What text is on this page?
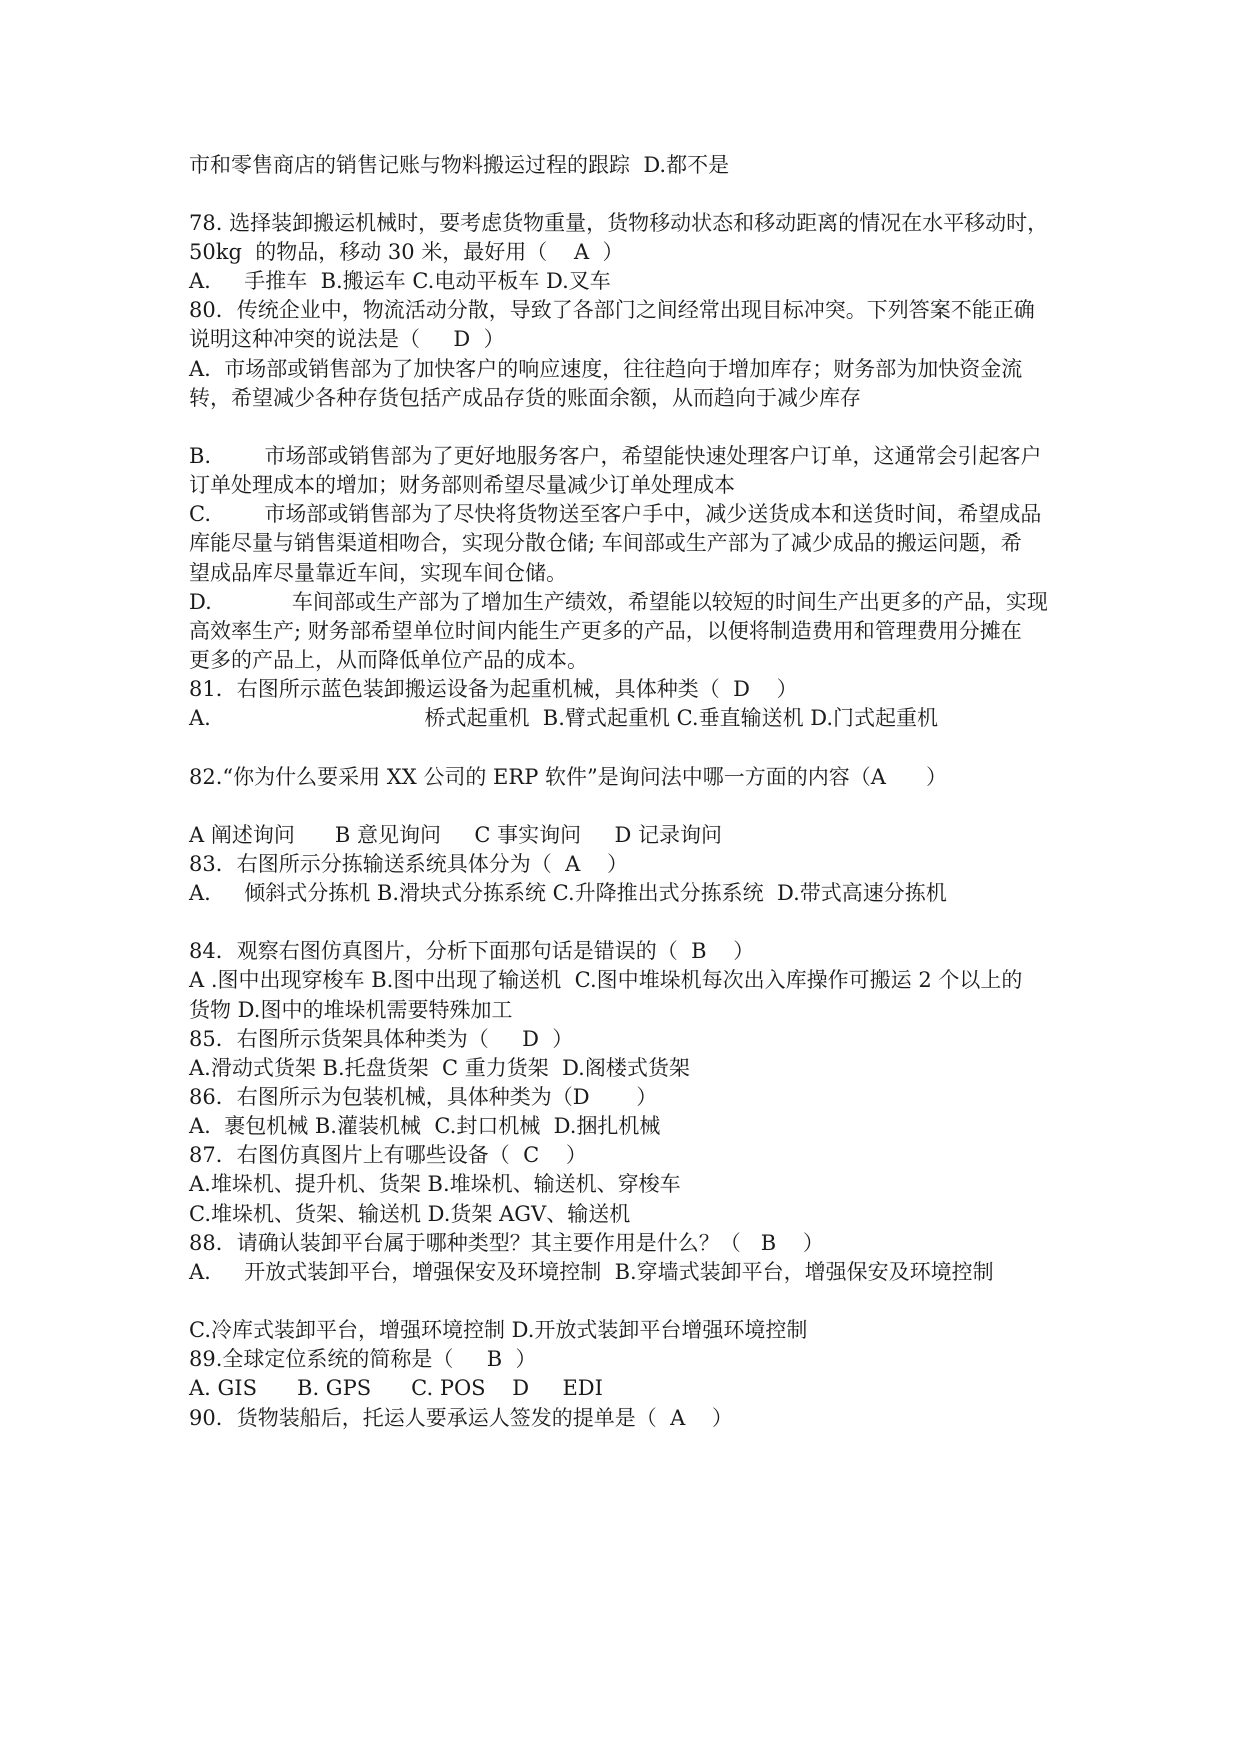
市和零售商店的销售记账与物料搬运过程的跟踪  D.都不是
78. 选择装卸搬运机械时，要考虑货物重量，货物移动状态和移动距离的情况在水平移动时，
50kg  的物品，移动 30 米，最好用（    A  ）
A.     手推车  B.搬运车 C.电动平板车 D.叉车
80．传统企业中，物流活动分散，导致了各部门之间经常出现目标冲突。下列答案不能正确
说明这种冲突的说法是（     D  ）
A.  市场部或销售部为了加快客户的响应速度，往往趋向于增加库存；财务部为加快资金流
转，希望减少各种存货包括产成品存货的账面余额，从而趋向于减少库存
B.        市场部或销售部为了更好地服务客户，希望能快速处理客户订单，这通常会引起客户
订单处理成本的增加；财务部则希望尽量减少订单处理成本
C.        市场部或销售部为了尽快将货物送至客户手中，减少送货成本和送货时间，希望成品
库能尽量与销售渠道相吻合，实现分散仓储; 车间部或生产部为了减少成品的搬运问题，希
望成品库尽量靠近车间，实现车间仓储。
D.            车间部或生产部为了增加生产绩效，希望能以较短的时间生产出更多的产品，实现
高效率生产; 财务部希望单位时间内能生产更多的产品，以便将制造费用和管理费用分摊在
更多的产品上，从而降低单位产品的成本。
81．右图所示蓝色装卸搬运设备为起重机械，具体种类（  D    ）
A.                                桥式起重机  B.臂式起重机 C.垂直输送机 D.门式起重机
82.“你为什么要采用 XX 公司的 ERP 软件”是询问法中哪一方面的内容（A      ）
A 阐述询问      B 意见询问     C 事实询问     D 记录询问
83．右图所示分拣输送系统具体分为（  A    ）
A.     倾斜式分拣机 B.滑块式分拣系统 C.升降推出式分拣系统  D.带式高速分拣机
84．观察右图仿真图片，分析下面那句话是错误的（  B    ）
A .图中出现穿梭车 B.图中出现了输送机  C.图中堆垛机每次出入库操作可搬运 2 个以上的
货物 D.图中的堆垛机需要特殊加工
85．右图所示货架具体种类为（     D  ）
A.滑动式货架 B.托盘货架  C 重力货架  D.阁楼式货架
86．右图所示为包装机械，具体种类为（D       ）
A.  裹包机械 B.灌装机械  C.封口机械  D.捆扎机械
87．右图仿真图片上有哪些设备（  C    ）
A.堆垛机、提升机、货架 B.堆垛机、输送机、穿梭车
C.堆垛机、货架、输送机 D.货架 AGV、输送机
88．请确认装卸平台属于哪种类型？其主要作用是什么？（   B    ）
A.     开放式装卸平台，增强保安及环境控制  B.穿墙式装卸平台，增强保安及环境控制
C.冷库式装卸平台，增强环境控制 D.开放式装卸平台增强环境控制
89.全球定位系统的简称是（     B  ）
A. GIS      B. GPS      C. POS    D     EDI
90．货物装船后，托运人要承运人签发的提单是（  A    ）
